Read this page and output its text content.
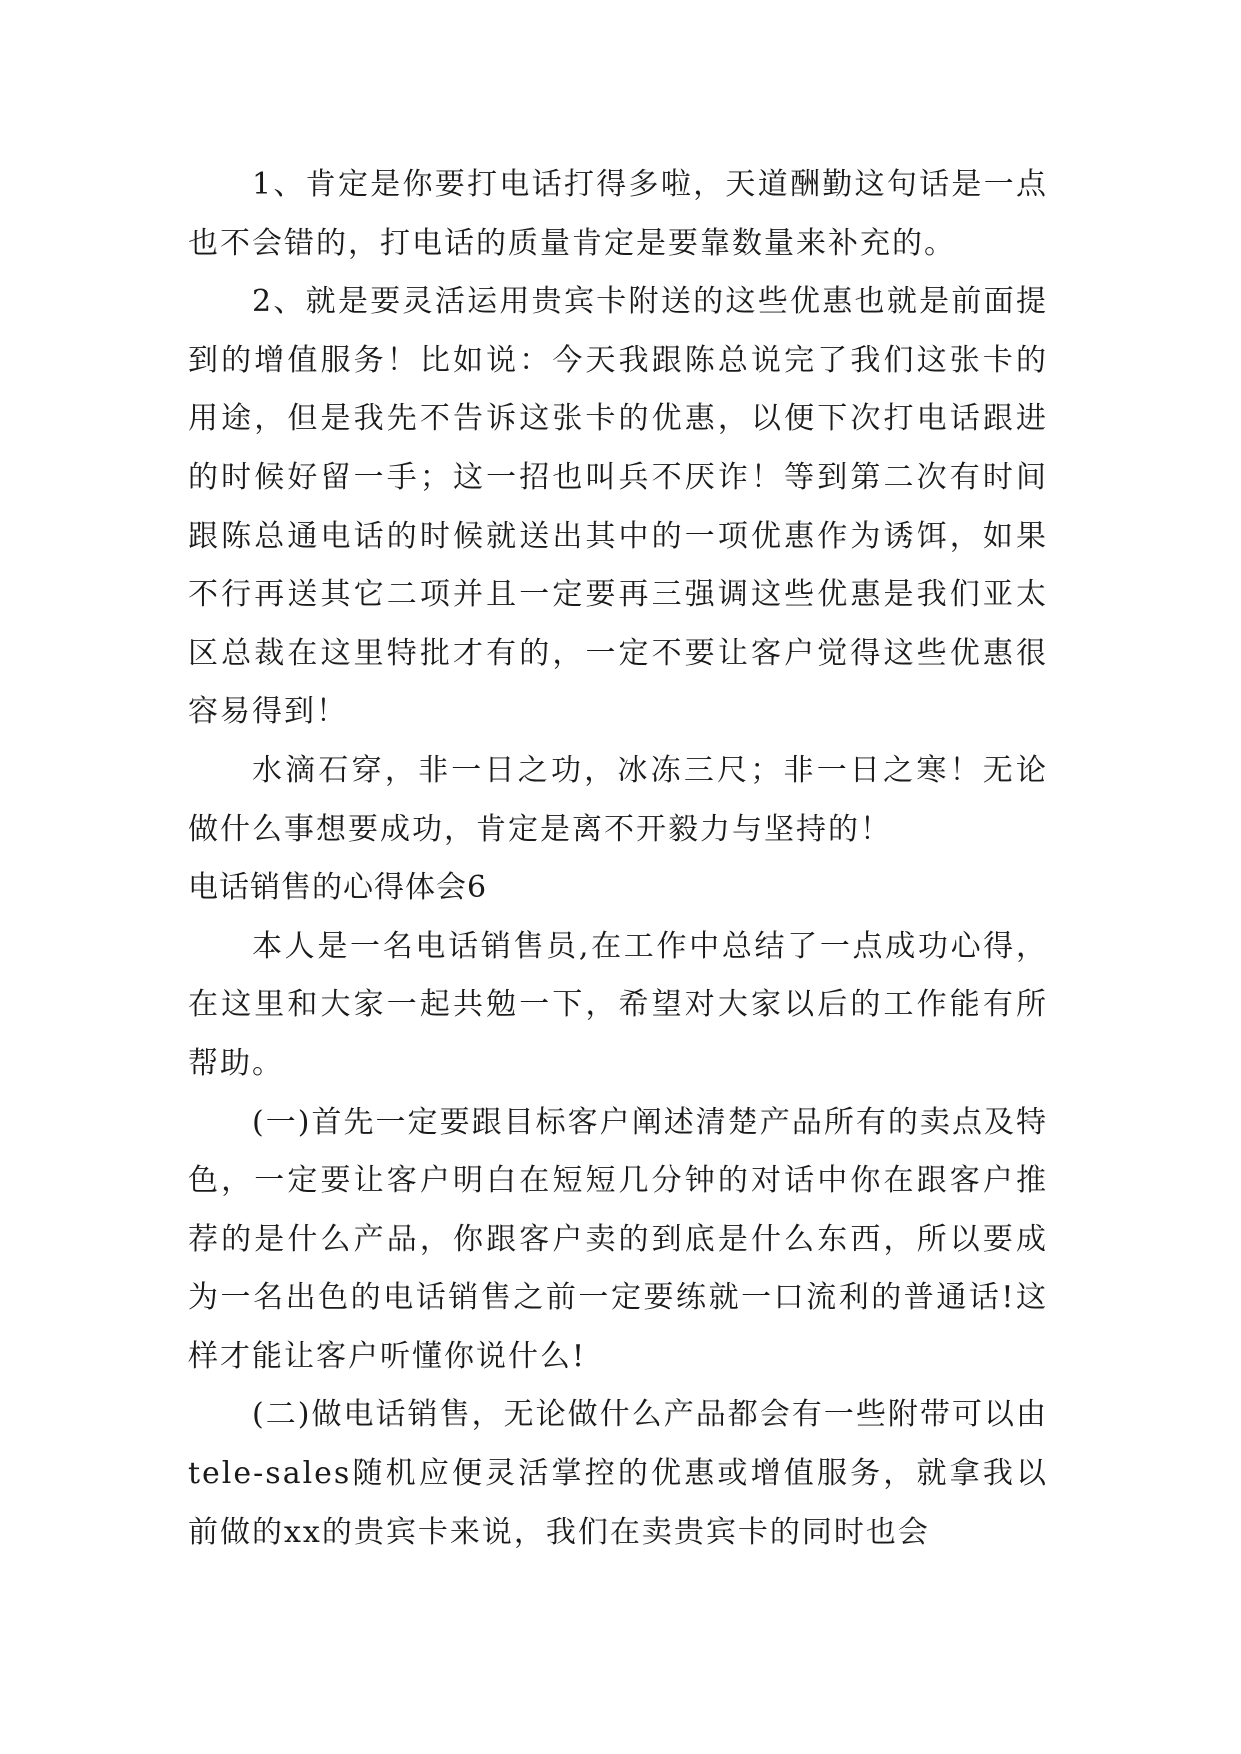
1、肯定是你要打电话打得多啦，天道酬勤这句话是一点也不会错的，打电话的质量肯定是要靠数量来补充的。

2、就是要灵活运用贵宾卡附送的这些优惠也就是前面提到的增值服务！比如说：今天我跟陈总说完了我们这张卡的用途，但是我先不告诉这张卡的优惠，以便下次打电话跟进的时候好留一手；这一招也叫兵不厌诈！等到第二次有时间跟陈总通电话的时候就送出其中的一项优惠作为诱饵，如果不行再送其它二项并且一定要再三强调这些优惠是我们亚太区总裁在这里特批才有的，一定不要让客户觉得这些优惠很容易得到！

水滴石穿，非一日之功，冰冻三尺；非一日之寒！无论做什么事想要成功，肯定是离不开毅力与坚持的！

电话销售的心得体会6

本人是一名电话销售员,在工作中总结了一点成功心得，在这里和大家一起共勉一下，希望对大家以后的工作能有所帮助。

(一)首先一定要跟目标客户阐述清楚产品所有的卖点及特色，一定要让客户明白在短短几分钟的对话中你在跟客户推荐的是什么产品，你跟客户卖的到底是什么东西，所以要成为一名出色的电话销售之前一定要练就一口流利的普通话!这样才能让客户听懂你说什么!

(二)做电话销售，无论做什么产品都会有一些附带可以由tele-sales随机应便灵活掌控的优惠或增值服务，就拿我以前做的xx的贵宾卡来说，我们在卖贵宾卡的同时也会
